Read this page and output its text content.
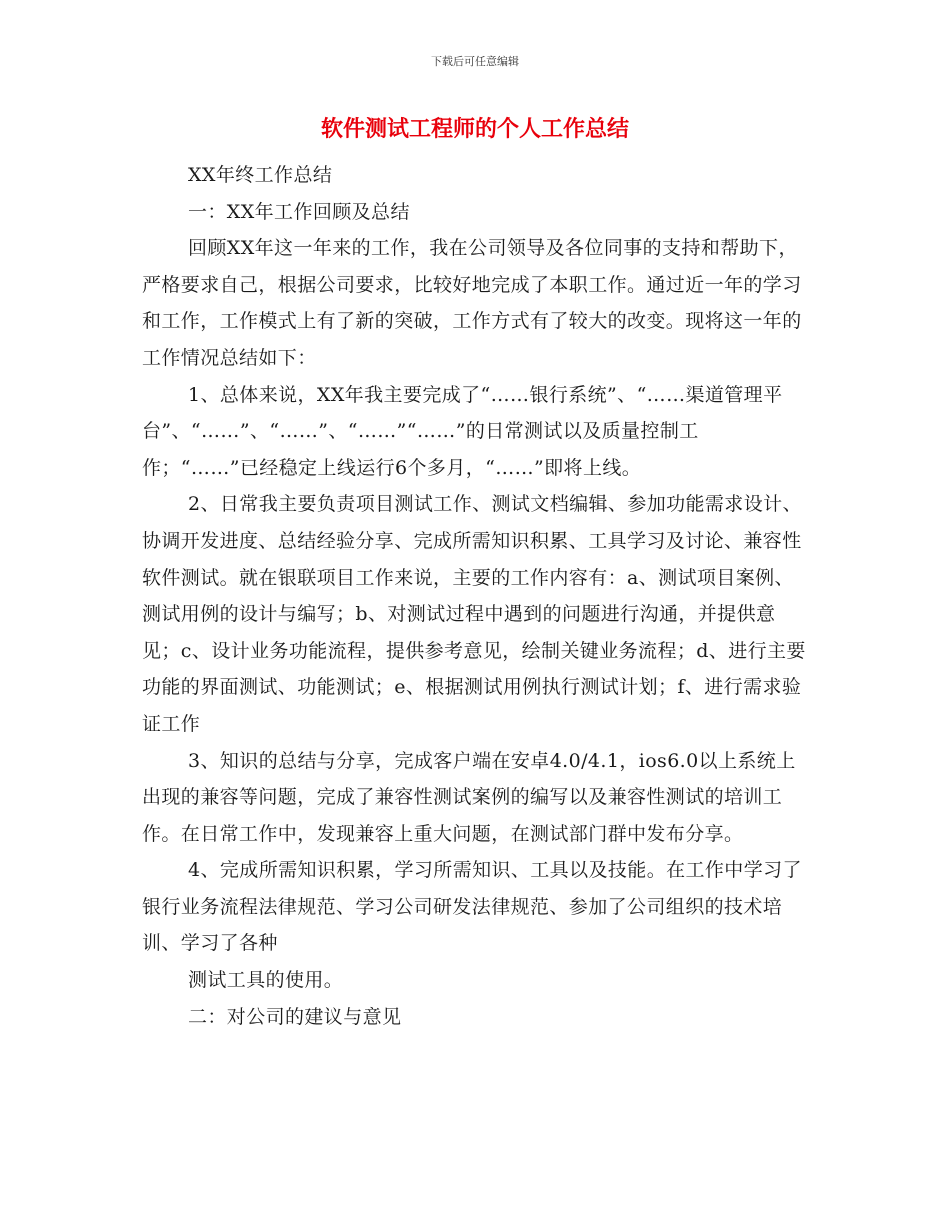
下载后可任意编辑
软件测试工程师的个人工作总结

XX年终工作总结

一：XX年工作回顾及总结

回顾XX年这一年来的工作，我在公司领导及各位同事的支持和帮助下，严格要求自己，根据公司要求，比较好地完成了本职工作。通过近一年的学习和工作，工作模式上有了新的突破，工作方式有了较大的改变。现将这一年的工作情况总结如下：

1、总体来说，XX年我主要完成了“……银行系统”、“……渠道管理平台”、“……”、“……”、“……”“……”的日常测试以及质量控制工作；“……”已经稳定上线运行6个多月，“……”即将上线。

2、日常我主要负责项目测试工作、测试文档编辑、参加功能需求设计、协调开发进度、总结经验分享、完成所需知识积累、工具学习及讨论、兼容性软件测试。就在银联项目工作来说，主要的工作内容有：a、测试项目案例、测试用例的设计与编写；b、对测试过程中遇到的问题进行沟通，并提供意见；c、设计业务功能流程，提供参考意见，绘制关键业务流程；d、进行主要功能的界面测试、功能测试；e、根据测试用例执行测试计划；f、进行需求验证工作

3、知识的总结与分享，完成客户端在安卓4.0/4.1，ios6.0以上系统上出现的兼容等问题，完成了兼容性测试案例的编写以及兼容性测试的培训工作。在日常工作中，发现兼容上重大问题，在测试部门群中发布分享。

4、完成所需知识积累，学习所需知识、工具以及技能。在工作中学习了银行业务流程法律规范、学习公司研发法律规范、参加了公司组织的技术培训、学习了各种

测试工具的使用。

二：对公司的建议与意见
